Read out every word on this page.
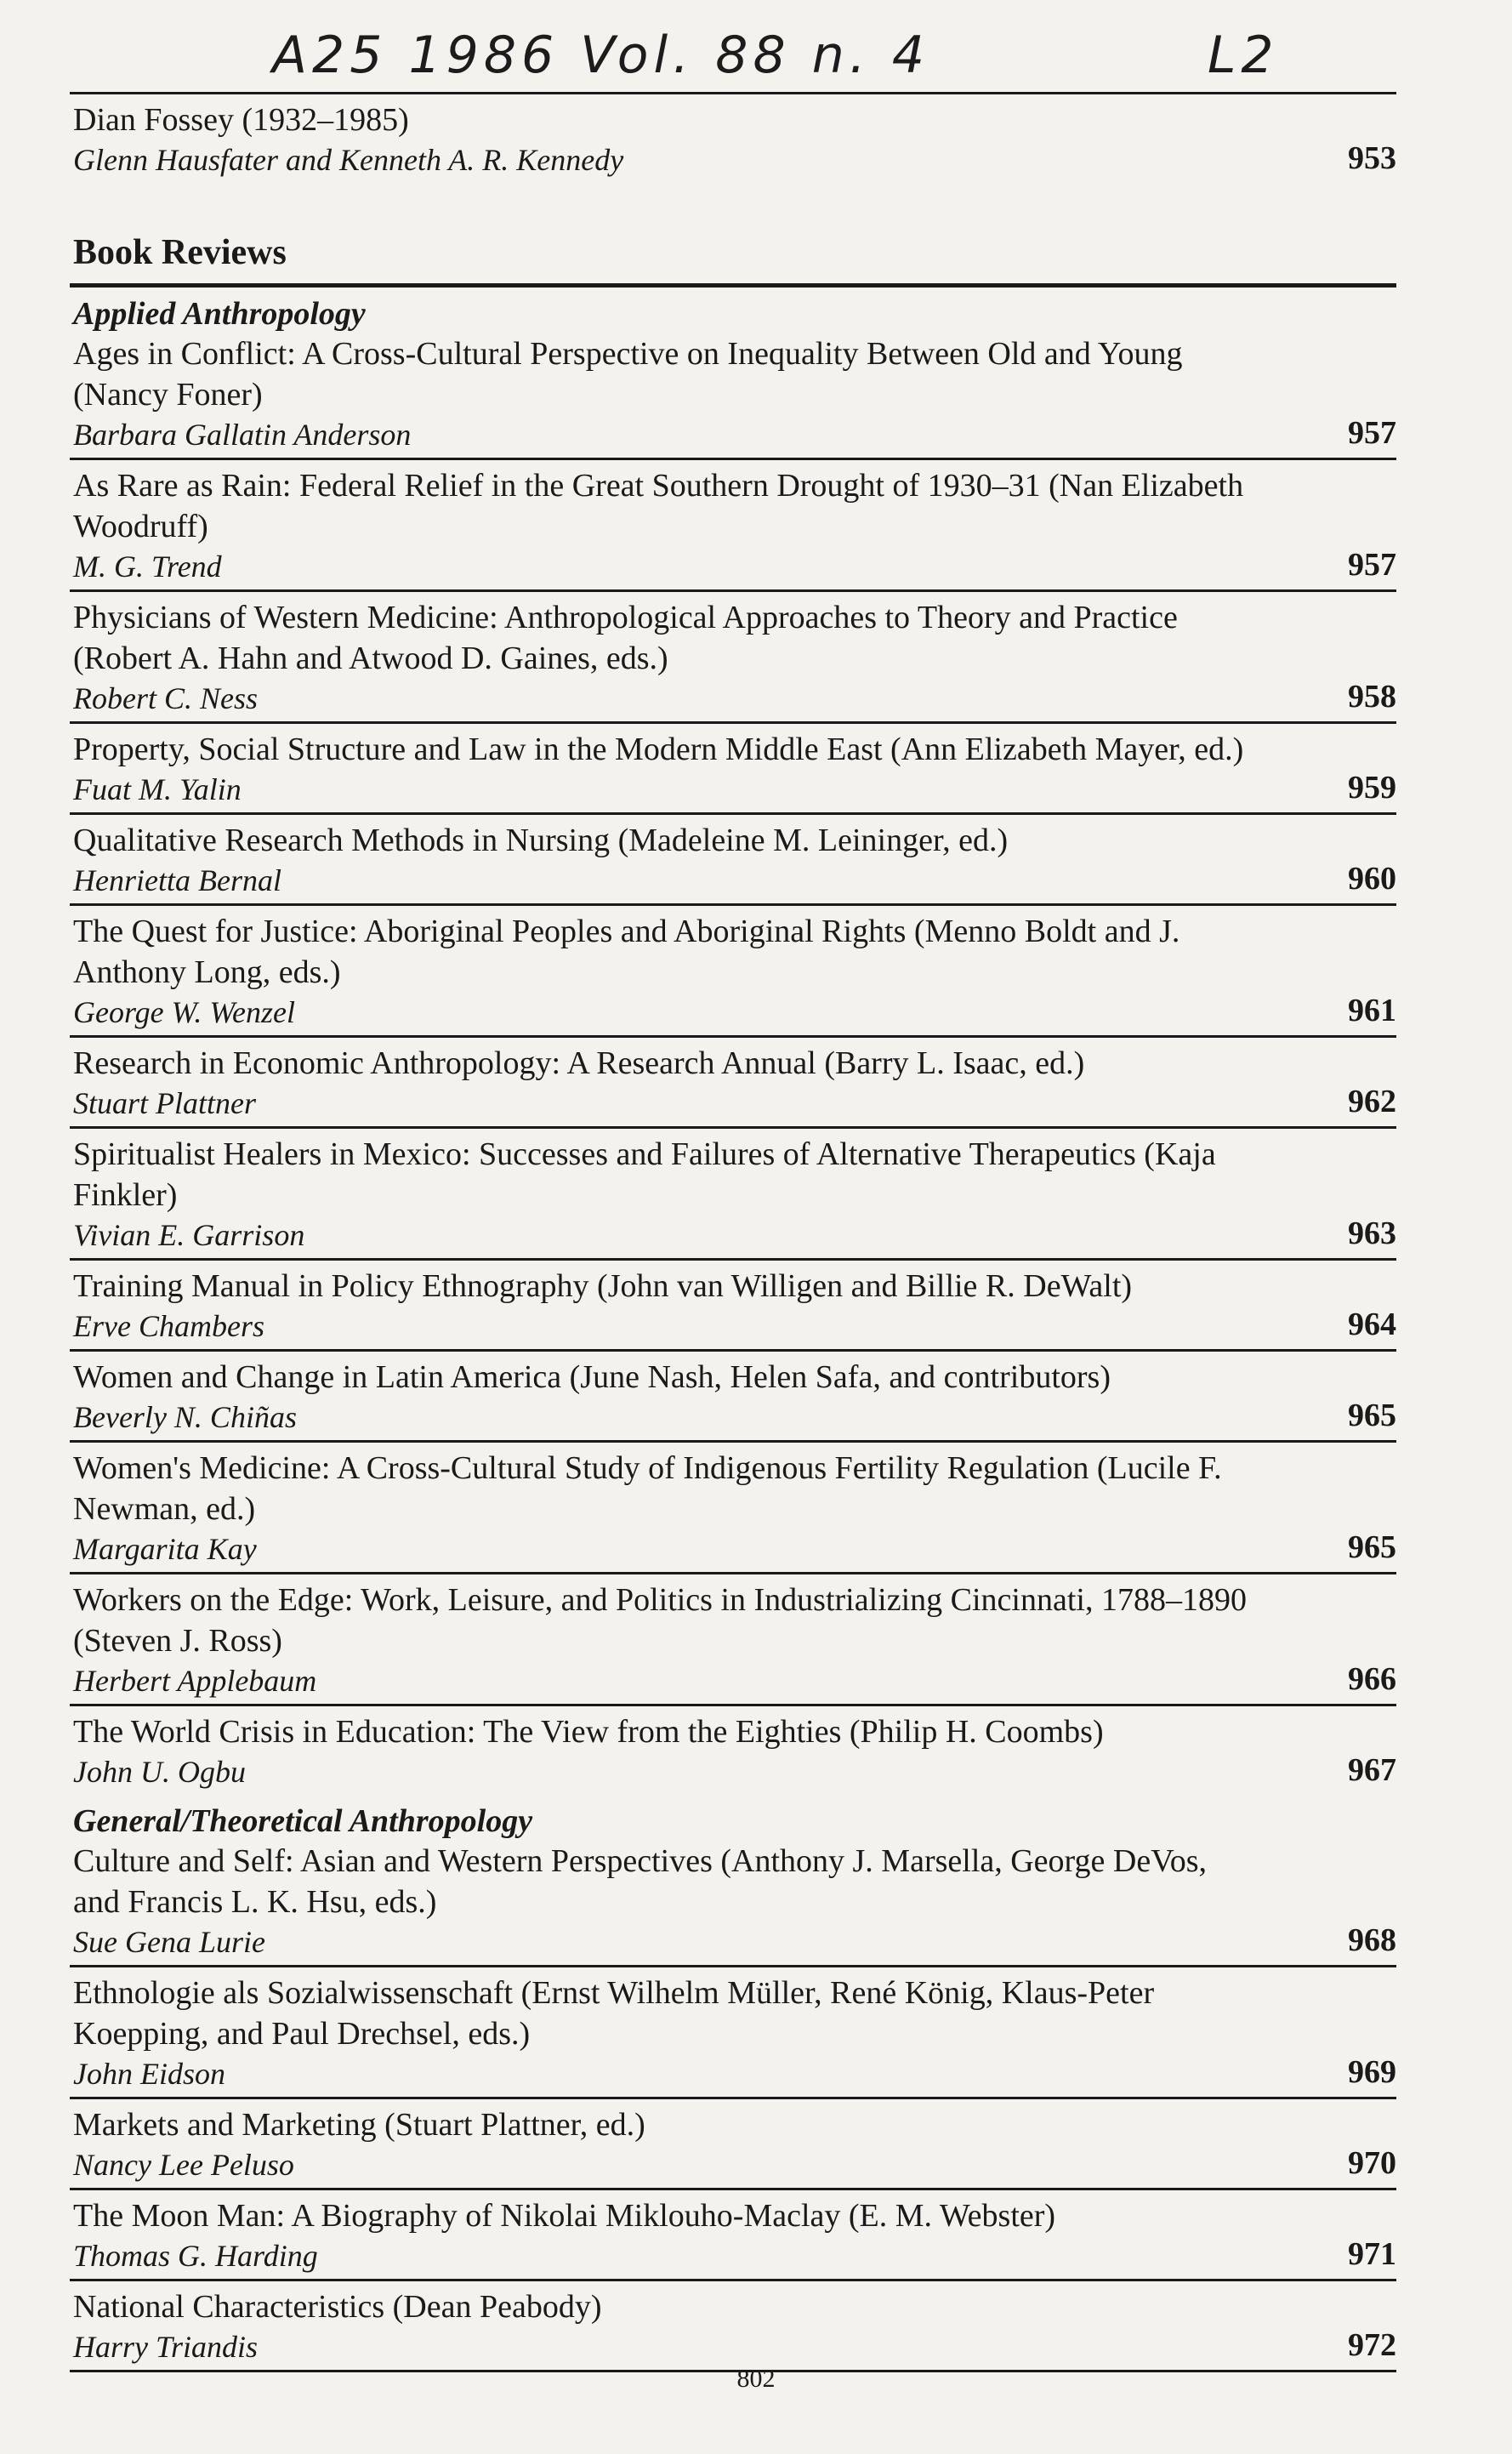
A25 1986 Vol. 88 n. 4	L2
Dian Fossey (1932–1985)
Glenn Hausfater and Kenneth A. R. Kennedy	953
Book Reviews
Applied Anthropology
Ages in Conflict: A Cross-Cultural Perspective on Inequality Between Old and Young (Nancy Foner)
Barbara Gallatin Anderson	957
As Rare as Rain: Federal Relief in the Great Southern Drought of 1930–31 (Nan Elizabeth Woodruff)
M. G. Trend	957
Physicians of Western Medicine: Anthropological Approaches to Theory and Practice (Robert A. Hahn and Atwood D. Gaines, eds.)
Robert C. Ness	958
Property, Social Structure and Law in the Modern Middle East (Ann Elizabeth Mayer, ed.)
Fuat M. Yalin	959
Qualitative Research Methods in Nursing (Madeleine M. Leininger, ed.)
Henrietta Bernal	960
The Quest for Justice: Aboriginal Peoples and Aboriginal Rights (Menno Boldt and J. Anthony Long, eds.)
George W. Wenzel	961
Research in Economic Anthropology: A Research Annual (Barry L. Isaac, ed.)
Stuart Plattner	962
Spiritualist Healers in Mexico: Successes and Failures of Alternative Therapeutics (Kaja Finkler)
Vivian E. Garrison	963
Training Manual in Policy Ethnography (John van Willigen and Billie R. DeWalt)
Erve Chambers	964
Women and Change in Latin America (June Nash, Helen Safa, and contributors)
Beverly N. Chiñas	965
Women's Medicine: A Cross-Cultural Study of Indigenous Fertility Regulation (Lucile F. Newman, ed.)
Margarita Kay	965
Workers on the Edge: Work, Leisure, and Politics in Industrializing Cincinnati, 1788–1890 (Steven J. Ross)
Herbert Applebaum	966
The World Crisis in Education: The View from the Eighties (Philip H. Coombs)
John U. Ogbu	967
General/Theoretical Anthropology
Culture and Self: Asian and Western Perspectives (Anthony J. Marsella, George DeVos, and Francis L. K. Hsu, eds.)
Sue Gena Lurie	968
Ethnologie als Sozialwissenschaft (Ernst Wilhelm Müller, René König, Klaus-Peter Koepping, and Paul Drechsel, eds.)
John Eidson	969
Markets and Marketing (Stuart Plattner, ed.)
Nancy Lee Peluso	970
The Moon Man: A Biography of Nikolai Miklouho-Maclay (E. M. Webster)
Thomas G. Harding	971
National Characteristics (Dean Peabody)
Harry Triandis	972
802
